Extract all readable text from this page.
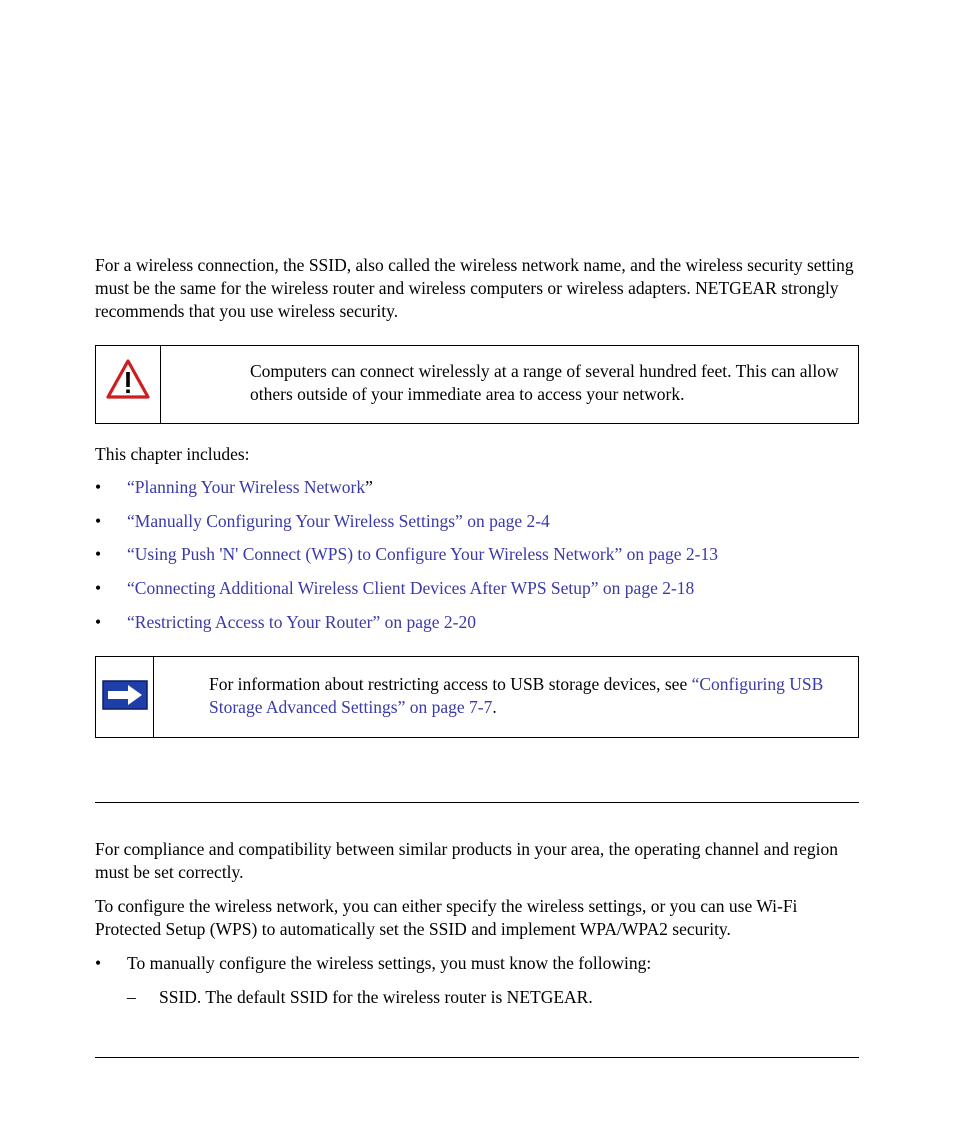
For a wireless connection, the SSID, also called the wireless network name, and the wireless security setting must be the same for the wireless router and wireless computers or wireless adapters. NETGEAR strongly recommends that you use wireless security.

Computers can connect wirelessly at a range of several hundred feet. This can allow others outside of your immediate area to access your network.

This chapter includes:

• “Planning Your Wireless Network”
• “Manually Configuring Your Wireless Settings” on page 2-4
• “Using Push 'N' Connect (WPS) to Configure Your Wireless Network” on page 2-13
• “Connecting Additional Wireless Client Devices After WPS Setup” on page 2-18
• “Restricting Access to Your Router” on page 2-20

For information about restricting access to USB storage devices, see “Configuring USB Storage Advanced Settings” on page 7-7.

For compliance and compatibility between similar products in your area, the operating channel and region must be set correctly.

To configure the wireless network, you can either specify the wireless settings, or you can use Wi-Fi Protected Setup (WPS) to automatically set the SSID and implement WPA/WPA2 security.

• To manually configure the wireless settings, you must know the following:
– SSID. The default SSID for the wireless router is NETGEAR.
